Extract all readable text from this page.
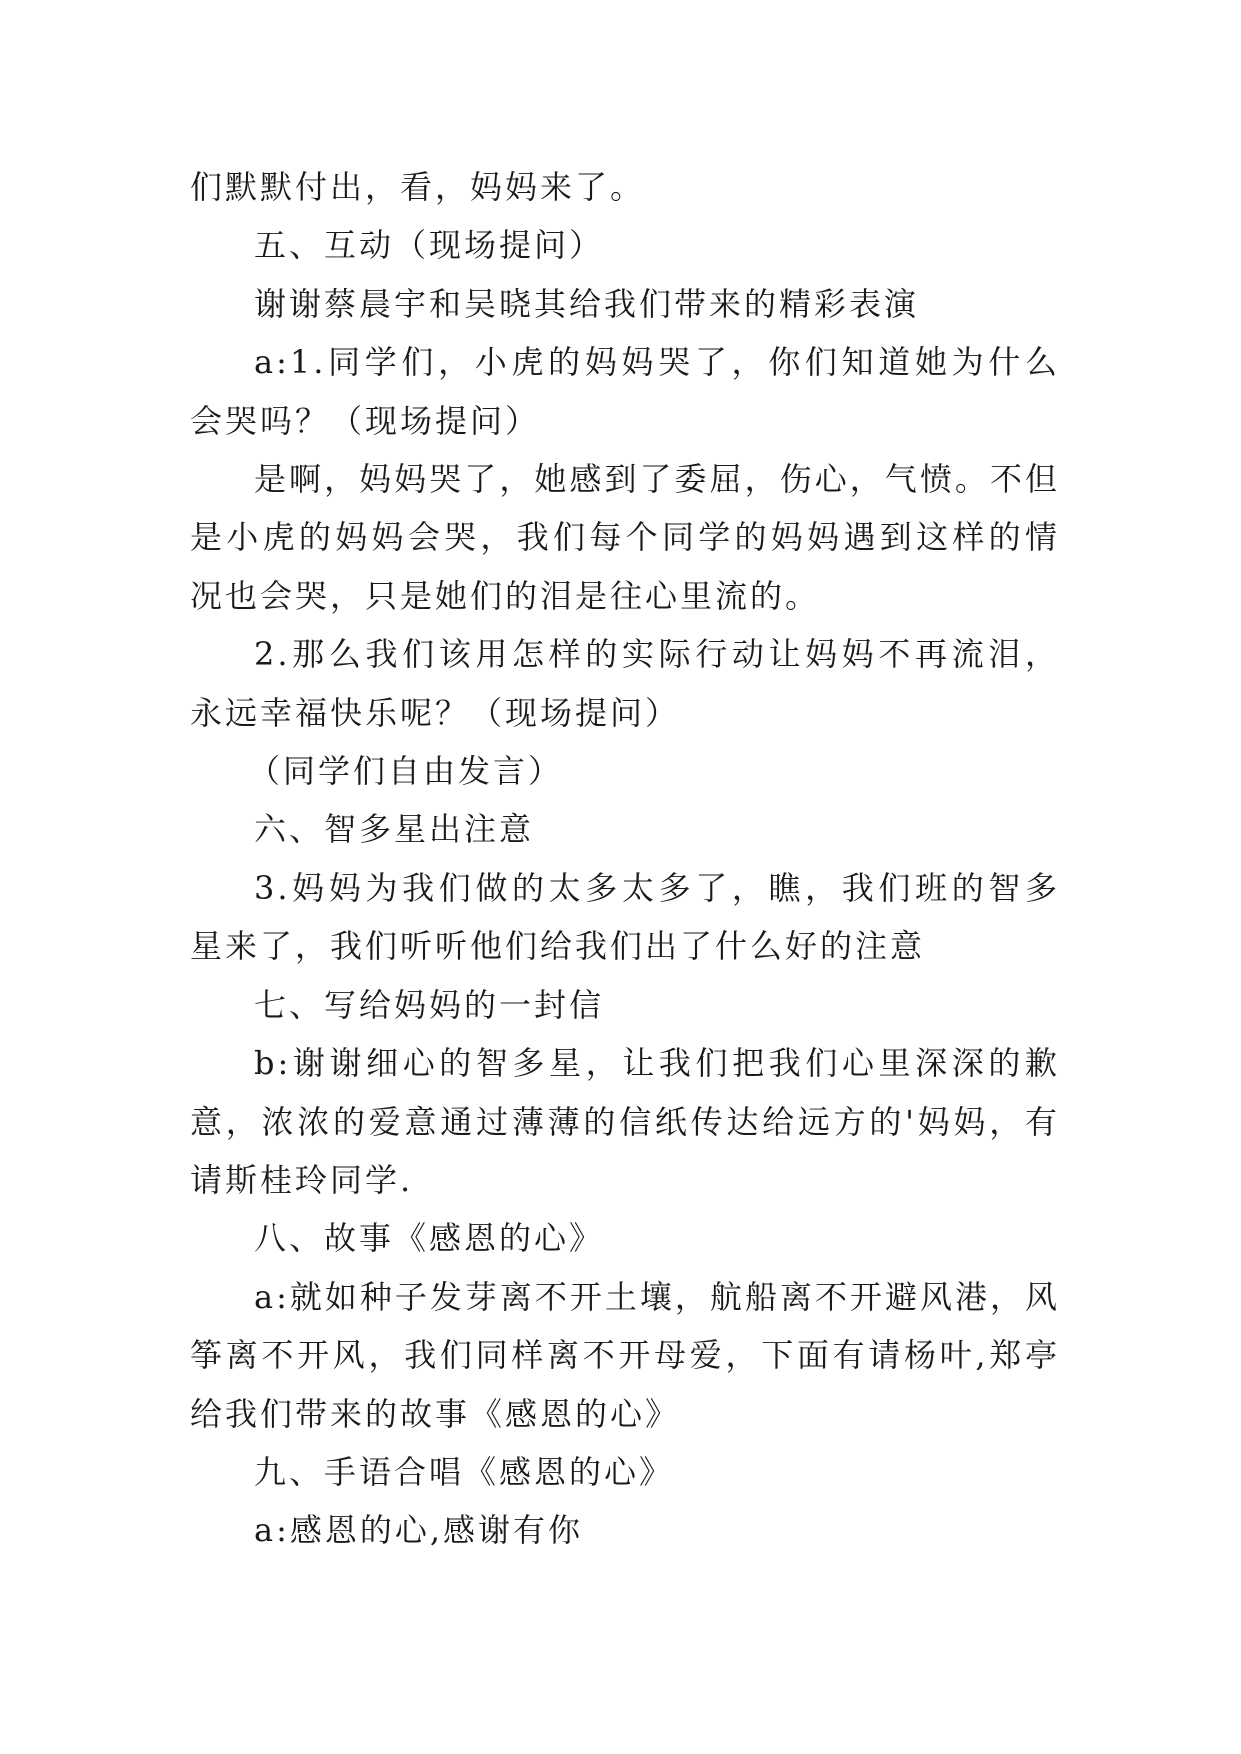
们默默付出，看，妈妈来了。

五、互动（现场提问）

谢谢蔡晨宇和吴晓其给我们带来的精彩表演

a:1.同学们，小虎的妈妈哭了，你们知道她为什么会哭吗？（现场提问）

是啊，妈妈哭了，她感到了委屈，伤心，气愤。不但是小虎的妈妈会哭，我们每个同学的妈妈遇到这样的情况也会哭，只是她们的泪是往心里流的。

2.那么我们该用怎样的实际行动让妈妈不再流泪，永远幸福快乐呢？（现场提问）

（同学们自由发言）

六、智多星出注意

3.妈妈为我们做的太多太多了，瞧，我们班的智多星来了，我们听听他们给我们出了什么好的注意

七、写给妈妈的一封信

b:谢谢细心的智多星，让我们把我们心里深深的歉意，浓浓的爱意通过薄薄的信纸传达给远方的'妈妈，有请斯桂玲同学.

八、故事《感恩的心》

a:就如种子发芽离不开土壤，航船离不开避风港，风筝离不开风，我们同样离不开母爱，下面有请杨叶,郑亭给我们带来的故事《感恩的心》

九、手语合唱《感恩的心》

a:感恩的心,感谢有你
